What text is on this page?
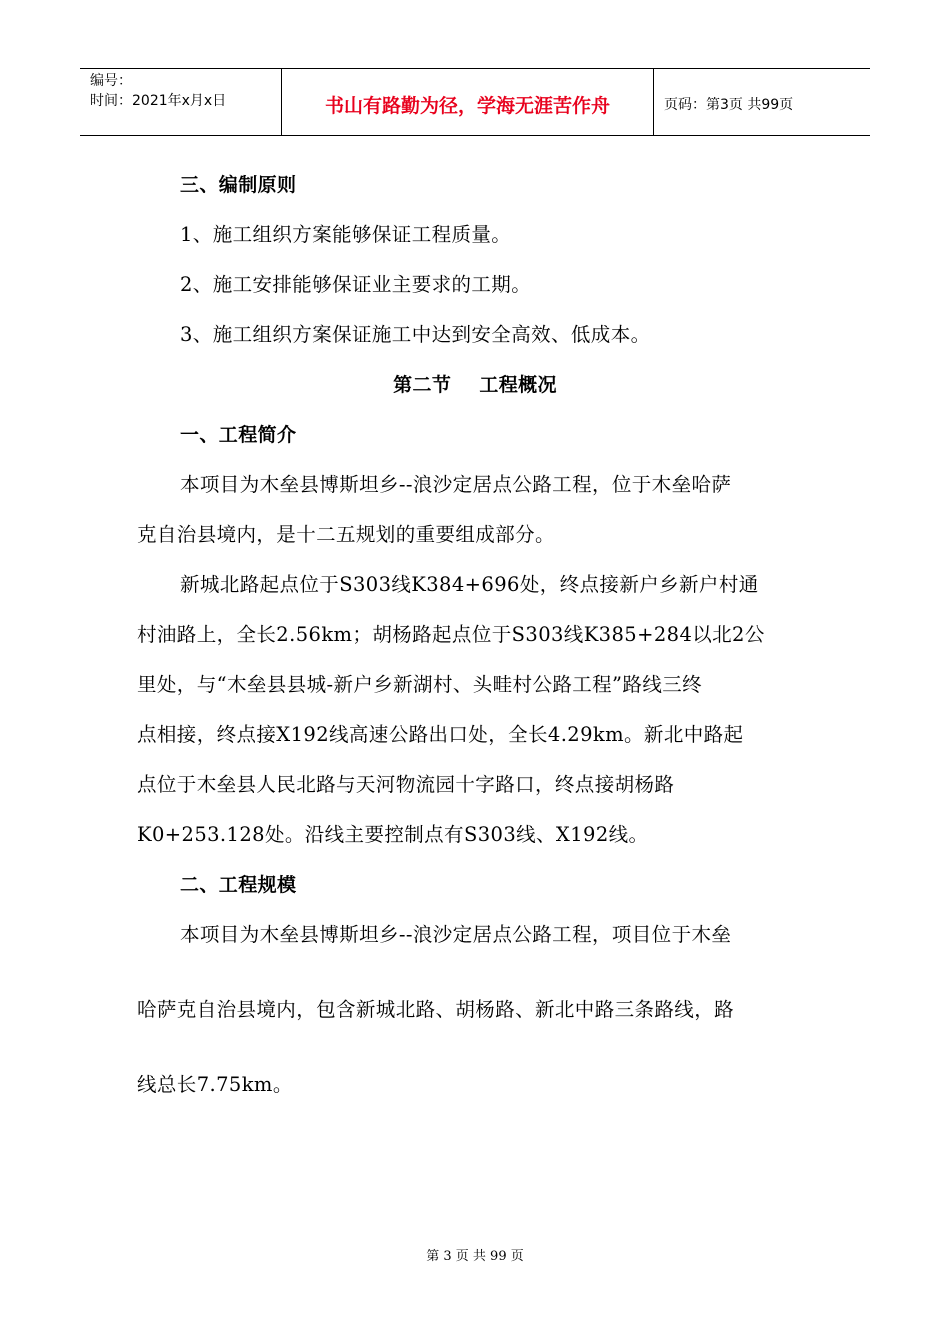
编号：
时间：2021年x月x日	书山有路勤为径，学海无涯苦作舟	页码：第3页 共99页
三、编制原则
1、施工组织方案能够保证工程质量。
2、施工安排能够保证业主要求的工期。
3、施工组织方案保证施工中达到安全高效、低成本。
第二节    工程概况
一、工程简介
本项目为木垒县博斯坦乡--浪沙定居点公路工程，位于木垒哈萨
克自治县境内，是十二五规划的重要组成部分。
新城北路起点位于S303线K384+696处，终点接新户乡新户村通
村油路上，全长2.56km；胡杨路起点位于S303线K385+284以北2公
里处，与“木垒县县城-新户乡新湖村、头畦村公路工程”路线三终
点相接，终点接X192线高速公路出口处，全长4.29km。新北中路起
点位于木垒县人民北路与天河物流园十字路口，终点接胡杨路
K0+253.128处。沿线主要控制点有S303线、X192线。
二、工程规模
本项目为木垒县博斯坦乡--浪沙定居点公路工程，项目位于木垒
哈萨克自治县境内，包含新城北路、胡杨路、新北中路三条路线，路
线总长7.75km。
第 3 页 共 99 页
